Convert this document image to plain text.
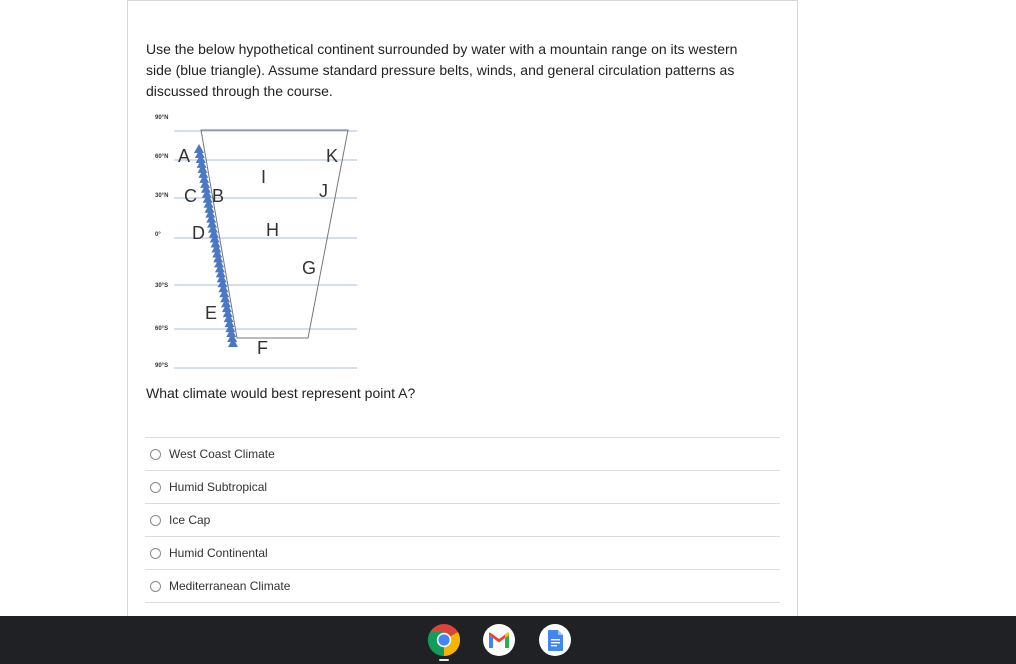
Use the below hypothetical continent surrounded by water with a mountain range on its western side (blue triangle). Assume standard pressure belts, winds, and general circulation patterns as discussed through the course.

90°N
60°N
30°N
0°
30°S
60°S
90°S
A
C B
D
E
F
G
H
I
J
K

What climate would best represent point A?

West Coast Climate
Humid Subtropical
Ice Cap
Humid Continental
Mediterranean Climate
